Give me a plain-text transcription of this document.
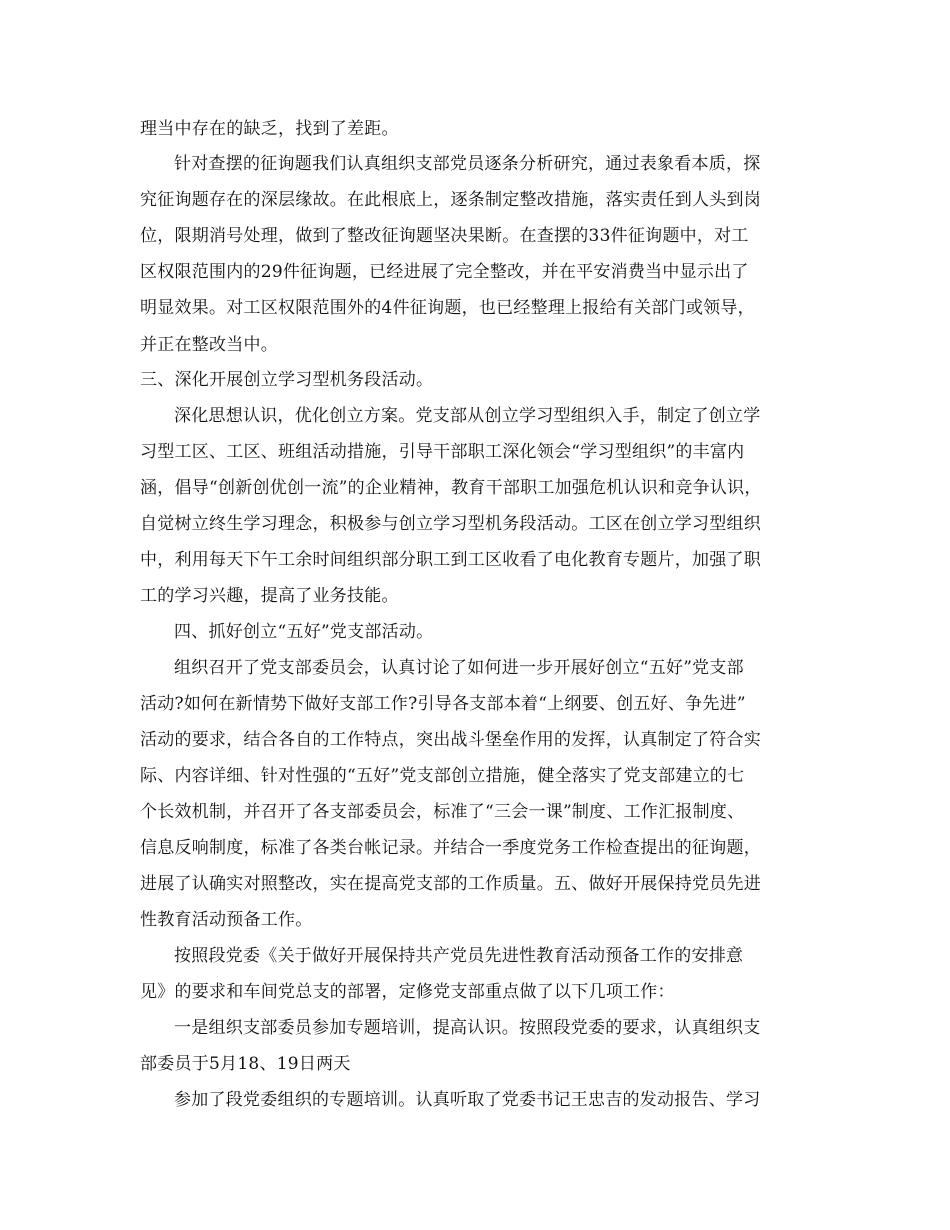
理当中存在的缺乏，找到了差距。
针对查摆的征询题我们认真组织支部党员逐条分析研究，通过表象看本质，探
究征询题存在的深层缘故。在此根底上，逐条制定整改措施，落实责任到人头到岗
位，限期消号处理，做到了整改征询题坚决果断。在查摆的33件征询题中，对工
区权限范围内的29件征询题，已经进展了完全整改，并在平安消费当中显示出了
明显效果。对工区权限范围外的4件征询题，也已经整理上报给有关部门或领导，
并正在整改当中。
三、深化开展创立学习型机务段活动。
深化思想认识，优化创立方案。党支部从创立学习型组织入手，制定了创立学
习型工区、工区、班组活动措施，引导干部职工深化领会“学习型组织”的丰富内
涵，倡导“创新创优创一流”的企业精神，教育干部职工加强危机认识和竞争认识，
自觉树立终生学习理念，积极参与创立学习型机务段活动。工区在创立学习型组织
中，利用每天下午工余时间组织部分职工到工区收看了电化教育专题片，加强了职
工的学习兴趣，提高了业务技能。
四、抓好创立“五好”党支部活动。
组织召开了党支部委员会，认真讨论了如何进一步开展好创立“五好”党支部
活动?如何在新情势下做好支部工作?引导各支部本着“上纲要、创五好、争先进”
活动的要求，结合各自的工作特点，突出战斗堡垒作用的发挥，认真制定了符合实
际、内容详细、针对性强的“五好”党支部创立措施，健全落实了党支部建立的七
个长效机制，并召开了各支部委员会，标准了“三会一课”制度、工作汇报制度、
信息反响制度，标准了各类台帐记录。并结合一季度党务工作检查提出的征询题，
进展了认确实对照整改，实在提高党支部的工作质量。五、做好开展保持党员先进
性教育活动预备工作。
按照段党委《关于做好开展保持共产党员先进性教育活动预备工作的安排意
见》的要求和车间党总支的部署，定修党支部重点做了以下几项工作：
一是组织支部委员参加专题培训，提高认识。按照段党委的要求，认真组织支
部委员于5月18、19日两天
参加了段党委组织的专题培训。认真听取了党委书记王忠吉的发动报告、学习
